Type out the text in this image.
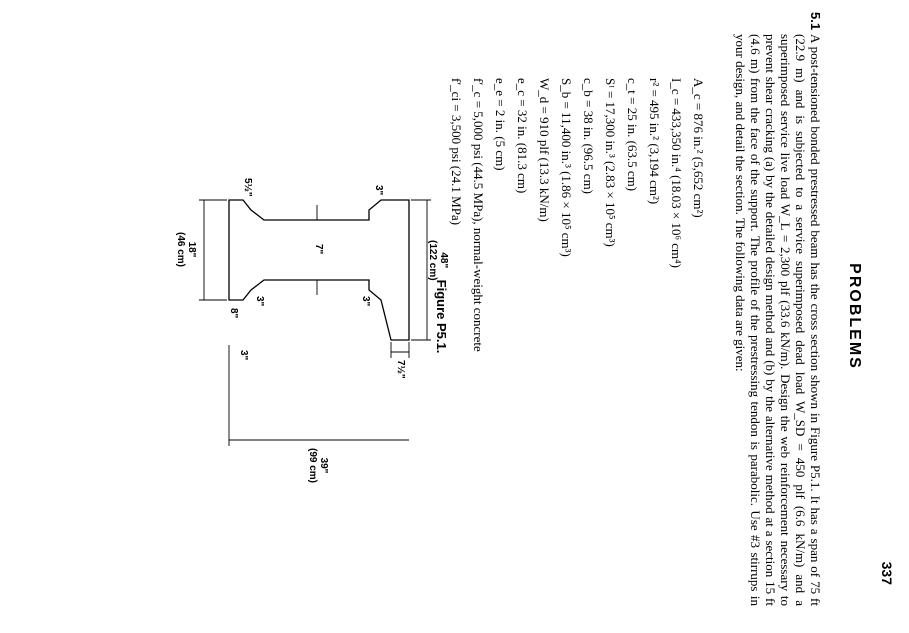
337
PROBLEMS
5.1
A post-tensioned bonded prestressed beam has the cross section shown in Figure P5.1. It has a span of 75 ft (22.9 m) and is subjected to a service superimposed dead load W_SD = 450 plf (6.6 kN/m) and a superimposed service live load W_L = 2,300 plf (33.6 kN/m). Design the web reinforcement necessary to prevent shear cracking (a) by the detailed design method and (b) by the alternative method at a section 15 ft (4.6 m) from the face of the support. The profile of the prestressing tendon is parabolic. Use #3 stirrups in your design, and detail the section. The following data are given:
A_c = 876 in.² (5,652 cm²)
I_c = 433,350 in.⁴ (18.03 × 10⁶ cm⁴)
r² = 495 in.² (3,194 cm²)
c_t = 25 in. (63.5 cm)
Sᵗ = 17,300 in.³ (2.83 × 10⁵ cm³)
c_b = 38 in. (96.5 cm)
S_b = 11,400 in.³ (1.86 × 10⁵ cm³)
W_d = 910 plf (13.3 kN/m)
e_c = 32 in. (81.3 cm)
e_e = 2 in. (5 cm)
f′_c = 5,000 psi (44.5 MPa), normal-weight concrete
f′_ci = 3,500 psi (24.1 MPa)
48"
(122 cm)
7½"
3"
3"
7"
3"
5½"
8"
3"
39"
(99 cm)
18"
(46 cm)
Figure P5.1.
